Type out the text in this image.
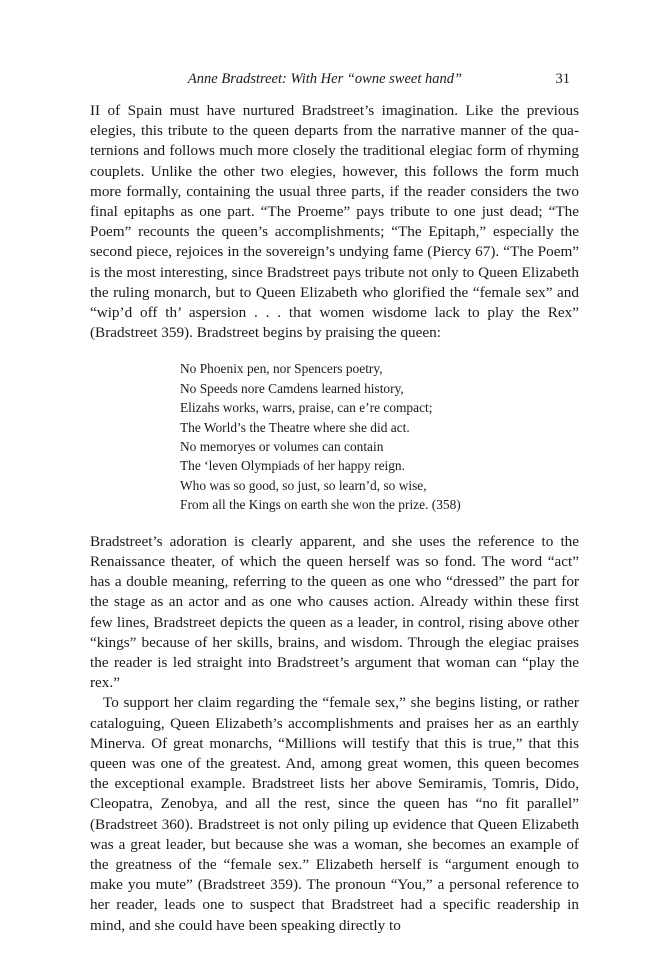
Anne Bradstreet: With Her “owne sweet hand”	31

II of Spain must have nurtured Bradstreet’s imagination. Like the previous elegies, this tribute to the queen departs from the narrative manner of the quaternions and follows much more closely the traditional elegiac form of rhyming couplets. Unlike the other two elegies, however, this follows the form much more formally, containing the usual three parts, if the reader considers the two final epitaphs as one part. “The Proeme” pays tribute to one just dead; “The Poem” recounts the queen’s accomplishments; “The Epitaph,” especially the second piece, rejoices in the sovereign’s undying fame (Piercy 67). “The Poem” is the most interesting, since Bradstreet pays tribute not only to Queen Elizabeth the ruling monarch, but to Queen Elizabeth who glorified the “female sex” and “wip’d off th’ aspersion . . . that women wisdome lack to play the Rex” (Bradstreet 359). Bradstreet begins by praising the queen:

No Phoenix pen, nor Spencers poetry,
No Speeds nore Camdens learned history,
Elizahs works, warrs, praise, can e’re compact;
The World’s the Theatre where she did act.
No memoryes or volumes can contain
The ‘leven Olympiads of her happy reign.
Who was so good, so just, so learn’d, so wise,
From all the Kings on earth she won the prize. (358)

Bradstreet’s adoration is clearly apparent, and she uses the reference to the Renaissance theater, of which the queen herself was so fond. The word “act” has a double meaning, referring to the queen as one who “dressed” the part for the stage as an actor and as one who causes action. Already within these first few lines, Bradstreet depicts the queen as a leader, in control, rising above other “kings” because of her skills, brains, and wisdom. Through the elegiac praises the reader is led straight into Bradstreet’s argument that woman can “play the rex.”

To support her claim regarding the “female sex,” she begins listing, or rather cataloguing, Queen Elizabeth’s accomplishments and praises her as an earthly Minerva. Of great monarchs, “Millions will testify that this is true,” that this queen was one of the greatest. And, among great women, this queen becomes the exceptional example. Bradstreet lists her above Semiramis, Tomris, Dido, Cleopatra, Zenobya, and all the rest, since the queen has “no fit parallel” (Bradstreet 360). Bradstreet is not only piling up evidence that Queen Elizabeth was a great leader, but because she was a woman, she becomes an example of the greatness of the “female sex.” Elizabeth herself is “argument enough to make you mute” (Bradstreet 359). The pronoun “You,” a personal reference to her reader, leads one to suspect that Bradstreet had a specific readership in mind, and she could have been speaking directly to
